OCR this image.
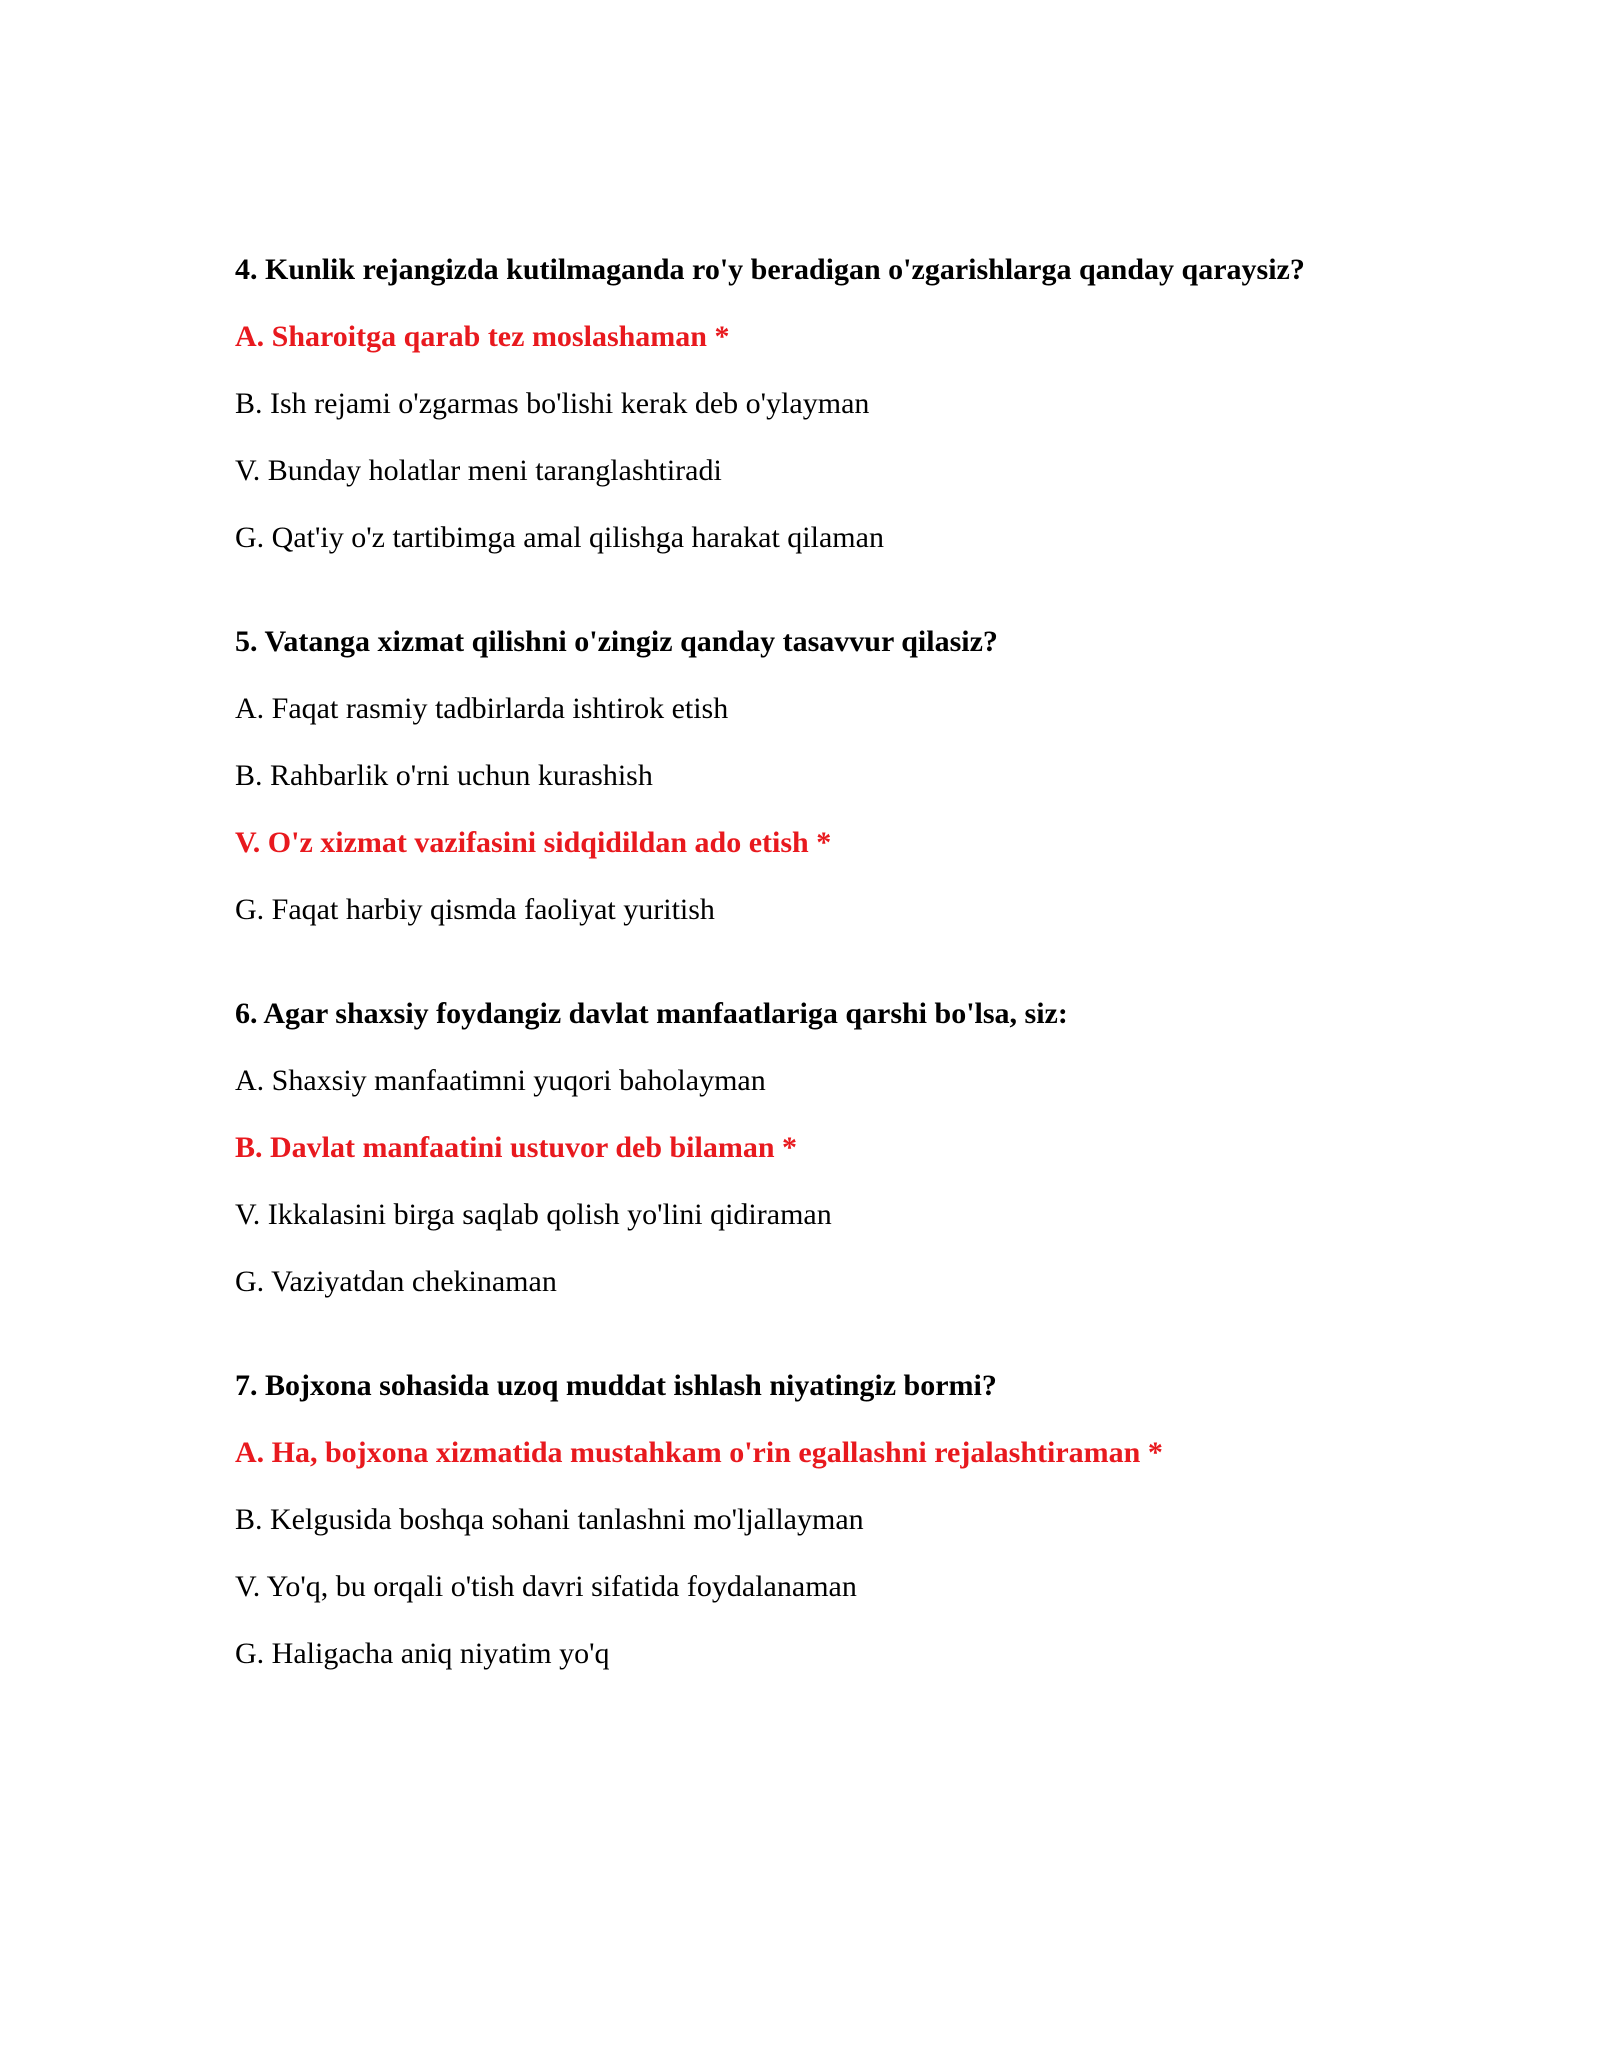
4. Kunlik rejangizda kutilmaganda ro'y beradigan o'zgarishlarga qanday qaraysiz?
A. Sharoitga qarab tez moslashaman *
B. Ish rejami o'zgarmas bo'lishi kerak deb o'ylayman
V. Bunday holatlar meni taranglashtiradi
G. Qat'iy o'z tartibimga amal qilishga harakat qilaman
5. Vatanga xizmat qilishni o'zingiz qanday tasavvur qilasiz?
A. Faqat rasmiy tadbirlarda ishtirok etish
B. Rahbarlik o'rni uchun kurashish
V. O'z xizmat vazifasini sidqidildan ado etish *
G. Faqat harbiy qismda faoliyat yuritish
6. Agar shaxsiy foydangiz davlat manfaatlariga qarshi bo'lsa, siz:
A. Shaxsiy manfaatimni yuqori baholayman
B. Davlat manfaatini ustuvor deb bilaman *
V. Ikkalasini birga saqlab qolish yo'lini qidiraman
G. Vaziyatdan chekinaman
7. Bojxona sohasida uzoq muddat ishlash niyatingiz bormi?
A. Ha, bojxona xizmatida mustahkam o'rin egallashni rejalashtiraman *
B. Kelgusida boshqa sohani tanlashni mo'ljallayman
V. Yo'q, bu orqali o'tish davri sifatida foydalanaman
G. Haligacha aniq niyatim yo'q
